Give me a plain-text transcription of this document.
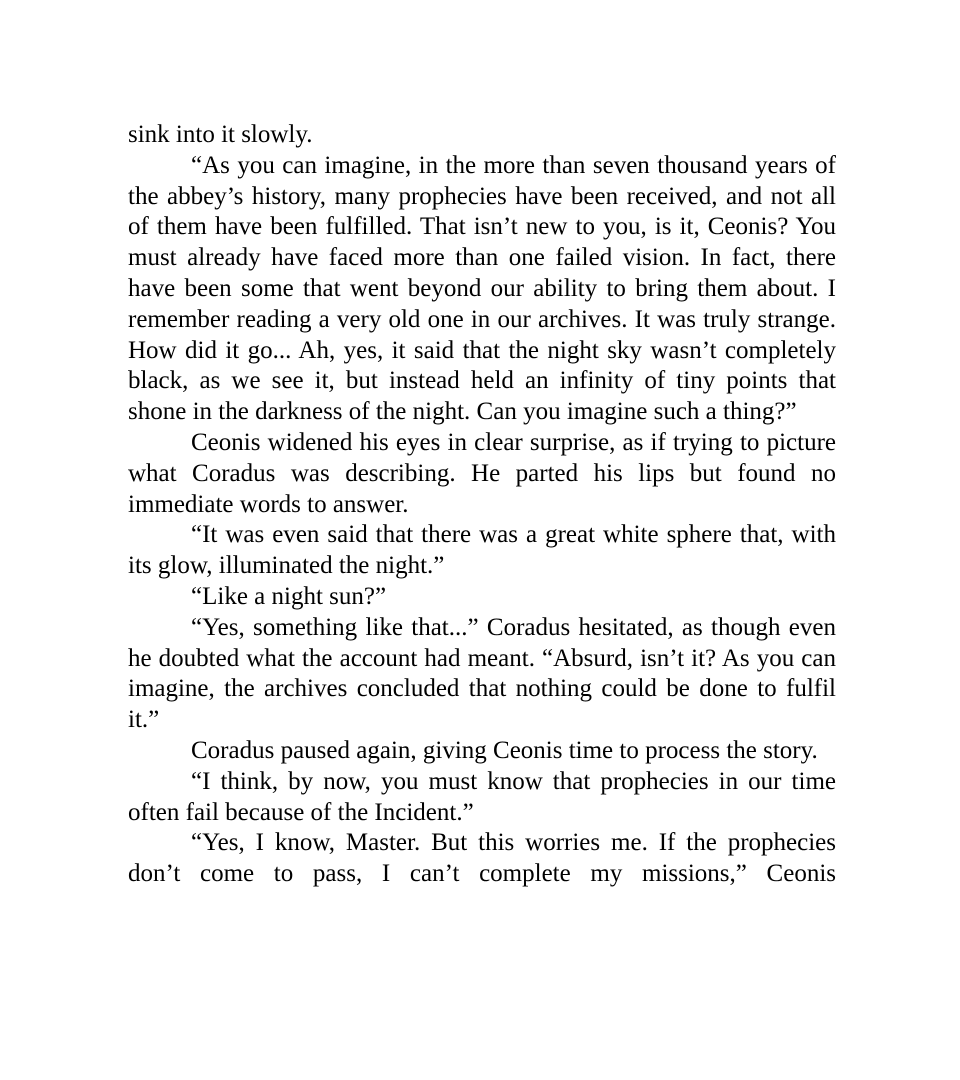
sink into it slowly.

“As you can imagine, in the more than seven thousand years of the abbey’s history, many prophecies have been received, and not all of them have been fulfilled. That isn’t new to you, is it, Ceonis? You must already have faced more than one failed vision. In fact, there have been some that went beyond our ability to bring them about. I remember reading a very old one in our archives. It was truly strange. How did it go... Ah, yes, it said that the night sky wasn’t completely black, as we see it, but instead held an infinity of tiny points that shone in the darkness of the night. Can you imagine such a thing?”

Ceonis widened his eyes in clear surprise, as if trying to picture what Coradus was describing. He parted his lips but found no immediate words to answer.

“It was even said that there was a great white sphere that, with its glow, illuminated the night.”

“Like a night sun?”

“Yes, something like that...” Coradus hesitated, as though even he doubted what the account had meant. “Absurd, isn’t it? As you can imagine, the archives concluded that nothing could be done to fulfil it.”

Coradus paused again, giving Ceonis time to process the story.

“I think, by now, you must know that prophecies in our time often fail because of the Incident.”

“Yes, I know, Master. But this worries me. If the prophecies don’t come to pass, I can’t complete my missions,” Ceonis
